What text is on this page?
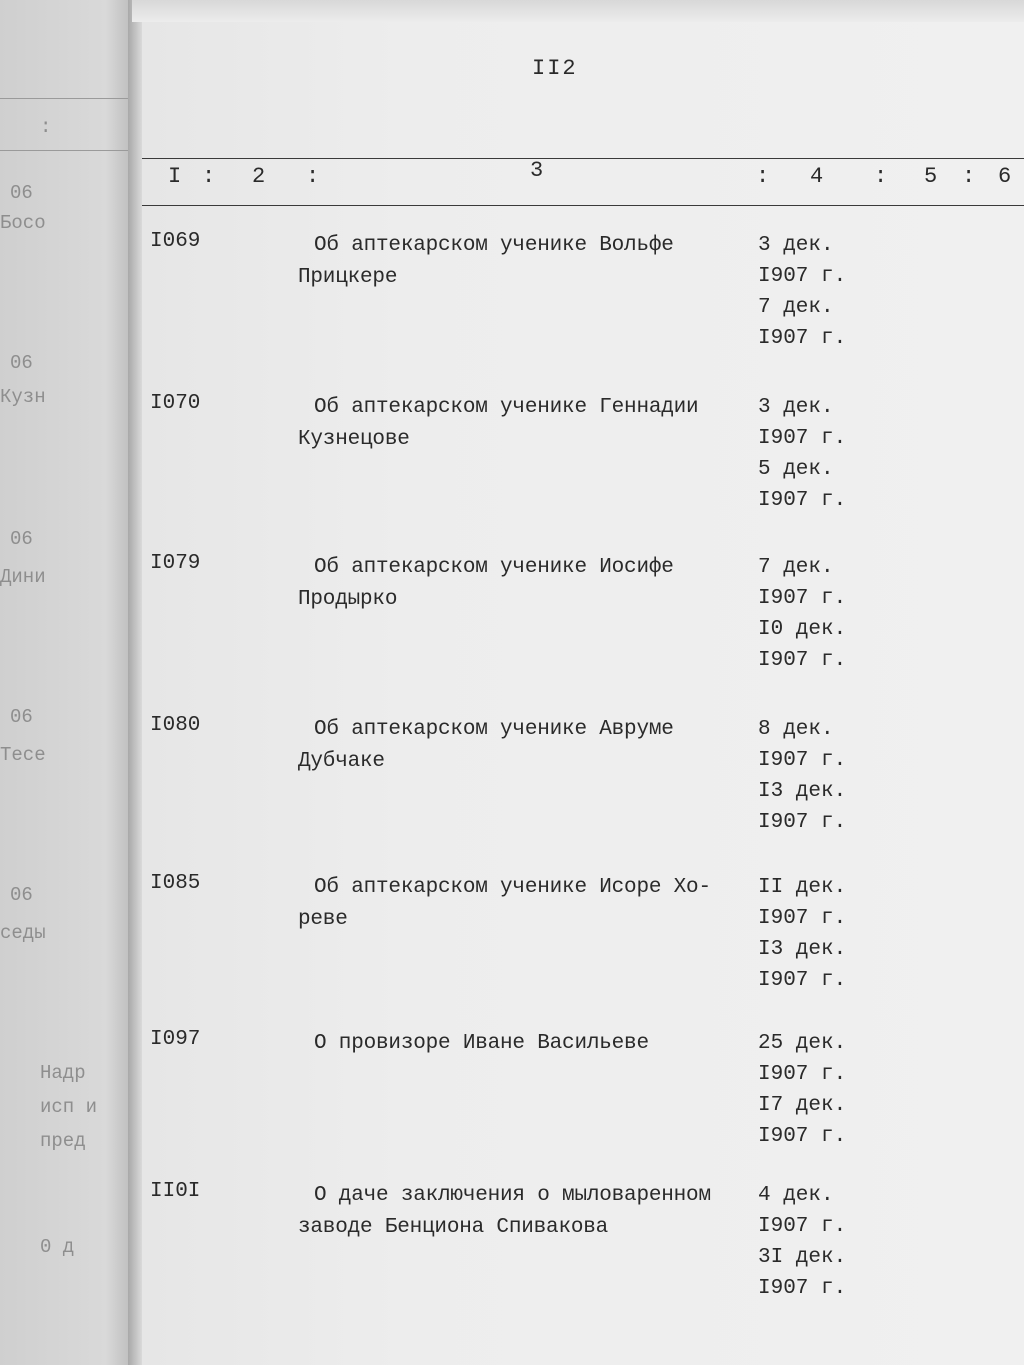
:
06
Босо
06
Кузн
06
Дини
06
Тесе
06
седы
Надр
исп и
пред
0 д
II2
I : 2 :	3	: 4 : 5 : 6
I069	Об аптекарском ученике Вольфе Прицкере
3 дек.
I907 г.
7 дек.
I907 г.
I070	Об аптекарском ученике Геннадии Кузнецове
3 дек.
I907 г.
5 дек.
I907 г.
I079	Об аптекарском ученике Иосифе Продырко
7 дек.
I907 г.
I0 дек.
I907 г.
I080	Об аптекарском ученике Авруме Дубчаке
8 дек.
I907 г.
I3 дек.
I907 г.
I085	Об аптекарском ученике Исоре Хо-реве
II дек.
I907 г.
I3 дек.
I907 г.
I097	О провизоре Иване Васильеве	25 дек.
I907 г.
I7 дек.
I907 г.
II0I	О даче заключения о мыловаренном заводе Бенциона Спивакова
4 дек.
I907 г.
3I дек.
I907 г.
